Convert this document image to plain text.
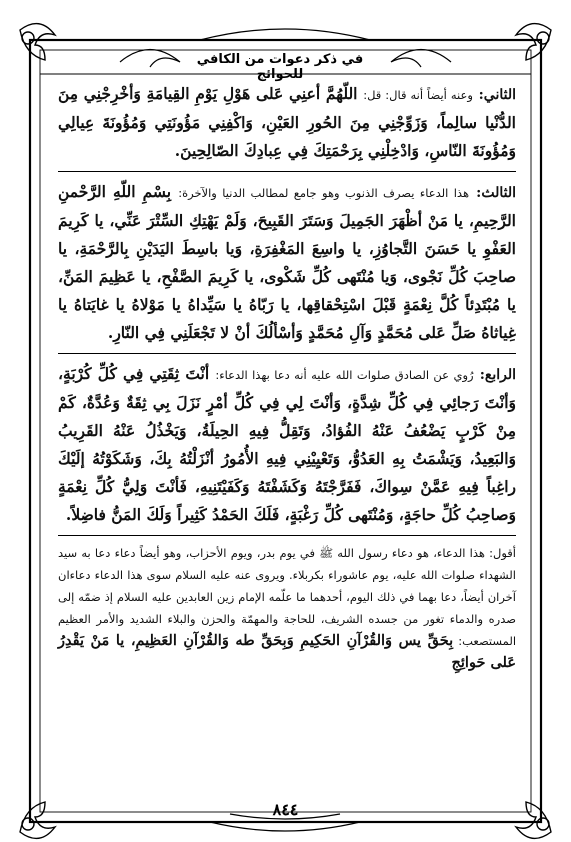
في ذكر دعوات من الكافي للحوائج

الثاني: وعنه أيضاً أنه قال: قل: اللّهُمَّ أعنِي عَلى هَوْلِ يَوْمِ القِيامَةِ وَأخْرِجْنِي مِنَ الدُّنْيا سالِماً، وَزَوِّجْنِي مِنَ الحُورِ العَيْنِ، وَاكْفِنِي مَؤُونَتِي وَمُؤُونَةَ عِيالِي وَمُؤُونَةَ النّاسِ، وَادْخِلْنِي بِرَحْمَتِكَ فِي عِبادِكَ الصّالِحِينَ.

الثالث: هذا الدعاء يصرف الذنوب وهو جامع لمطالب الدنيا والآخرة: بِسْمِ اللّهِ الرَّحْمنِ الرَّحِيمِ، يا مَنْ أظْهَرَ الجَمِيلَ وَسَتَرَ القَبِيحَ، وَلَمْ يَهْتِكِ السِّتْرَ عَنِّي، يا كَرِيمَ العَفْوِ يا حَسَنَ التَّجاوُزِ، يا واسِعَ المَغْفِرَةِ، وَيا باسِطَ اليَدَيْنِ بِالرَّحْمَةِ، يا صاحِبَ كُلِّ نَجْوى، وَيا مُنْتَهى كُلِّ شَكْوى، يا كَرِيمَ الصَّفْحِ، يا عَظِيمَ المَنِّ، يا مُبْتَدِئاً كُلَّ نِعْمَةٍ قَبْلَ اسْتِحْقاقِها، يا رَبّاهُ يا سَيِّداهُ يا مَوْلاهُ يا غايَتاهُ يا غِياثاهُ صَلِّ عَلى مُحَمَّدٍ وَآلِ مُحَمَّدٍ وَأسْألُكَ أنْ لا تَجْعَلَنِي فِي النّارِ.

الرابع: رُوي عن الصادق صلوات الله عليه أنه دعا بهذا الدعاء: أنْتَ ثِقَتِي فِي كُلِّ كُرْبَةٍ، وَأنْتَ رَجائِي فِي كُلِّ شِدَّةٍ، وَأنْتَ لِي فِي كُلِّ أمْرٍ نَزَلَ بِي ثِقَةٌ وَعُدَّةٌ، كَمْ مِنْ كَرْبٍ يَضْعُفُ عَنْهُ الفُؤادُ، وَتَقِلُّ فِيهِ الحِيلَةُ، وَيَخْذُلُ عَنْهُ القَرِيبُ وَالبَعِيدُ، وَيَشْمَتُ بِهِ العَدُوُّ، وَتَعْيِيْنِي فِيهِ الأُمُورُ أنْزَلْتُهُ بِكَ، وَشَكَوْتُهُ إلَيْكَ راغِباً فِيهِ عَمَّنْ سِواكَ، فَفَرَّجْتَهُ وَكَشَفْتَهُ وَكَفَيْتَنِيهِ، فَأنْتَ وَلِيُّ كُلِّ نِعْمَةٍ وَصاحِبُ كُلِّ حاجَةٍ، وَمُنْتَهى كُلِّ رَغْبَةٍ، فَلَكَ الحَمْدُ كَثِيراً وَلَكَ المَنُّ فاضِلاً.

أقول: هذا الدعاء، هو دعاء رسول الله ﷺ في يوم بدر، ويوم الأحزاب، وهو أيضاً دعاء دعا به سيد الشهداء صلوات الله عليه، يوم عاشوراء بكربلاء. ويروى عنه عليه السلام سوى هذا الدعاء دعاءان آخران أيضاً، دعا بهما في ذلك اليوم، أحدهما ما علّمه الإمام زين العابدين عليه السلام إذ ضمّه إلى صدره والدماء تغور من جسده الشريف، للحاجة والمهمّة والحزن والبلاء الشديد والأمر العظيم المستصعب: بِحَقِّ يس وَالقُرْآنِ الحَكِيمِ وَبِحَقِّ طه وَالقُرْآنِ العَظِيمِ، يا مَنْ يَقْدِرُ عَلى حَوائِجِ

٨٤٤
